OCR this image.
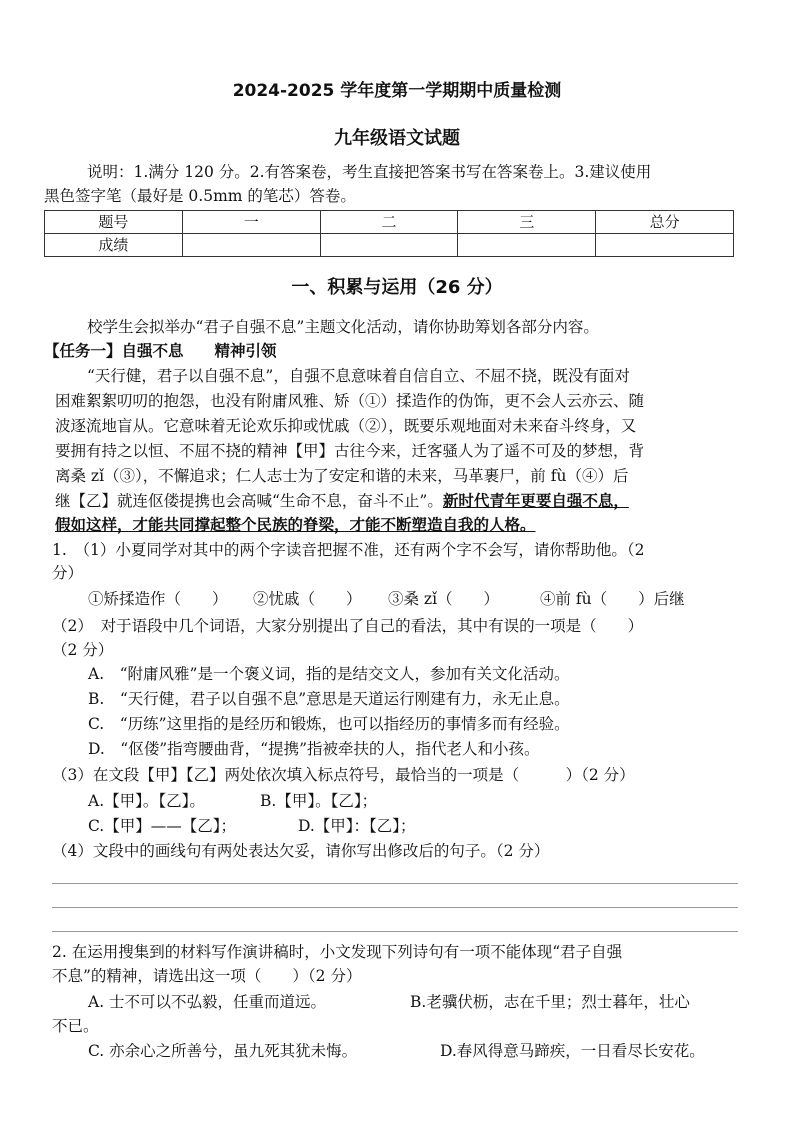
2024-2025 学年度第一学期期中质量检测
九年级语文试题
说明：1.满分 120 分。2.有答案卷，考生直接把答案书写在答案卷上。3.建议使用
黑色签字笔（最好是 0.5mm 的笔芯）答卷。
题号	一	二	三	总分
成绩				
一、积累与运用（26 分）
校学生会拟举办“君子自强不息”主题文化活动，请你协助筹划各部分内容。
【任务一】自强不息　　精神引领
“天行健，君子以自强不息”，自强不息意味着自信自立、不屈不挠，既没有面对
困难絮絮叨叨的抱怨，也没有附庸风雅、矫（①）揉造作的伪饰，更不会人云亦云、随
波逐流地盲从。它意味着无论欢乐抑或忧戚（②），既要乐观地面对未来奋斗终身，又
要拥有持之以恒、不屈不挠的精神【甲】古往今来，迁客骚人为了遥不可及的梦想，背
离桑 zǐ（③），不懈追求；仁人志士为了安定和谐的未来，马革裹尸，前 fù（④）后
继【乙】就连伛偻提携也会高喊“生命不息，奋斗不止”。新时代青年更要自强不息，
假如这样，才能共同撑起整个民族的脊梁，才能不断塑造自我的人格。
1.　（1）小夏同学对其中的两个字读音把握不准，还有两个字不会写，请你帮助他。（2
分）
①矫揉造作（　　） ②忧戚（　　） ③桑 zǐ（　　）	④前 fù（　　）后继
（2）　对于语段中几个词语，大家分别提出了自己的看法，其中有误的一项是（　　）
（2 分）
A.　“附庸风雅”是一个褒义词，指的是结交文人，参加有关文化活动。
B.　“天行健，君子以自强不息”意思是天道运行刚建有力，永无止息。
C.　“历练”这里指的是经历和锻炼，也可以指经历的事情多而有经验。
D.　“伛偻”指弯腰曲背，“提携”指被牵扶的人，指代老人和小孩。
（3）在文段【甲】【乙】两处依次填入标点符号，最恰当的一项是（　　　）（2 分）
A.【甲】。【乙】。	B.【甲】。【乙】；
C.【甲】——【乙】；	D.【甲】：【乙】；
（4）文段中的画线句有两处表达欠妥，请你写出修改后的句子。（2 分）
2. 在运用搜集到的材料写作演讲稿时，小文发现下列诗句有一项不能体现“君子自强
不息”的精神，请选出这一项（　　）（2 分）
A. 士不可以不弘毅，任重而道远。	B.老骥伏枥，志在千里；烈士暮年，壮心
不已。
C. 亦余心之所善兮，虽九死其犹未悔。	D.春风得意马蹄疾，一日看尽长安花。
